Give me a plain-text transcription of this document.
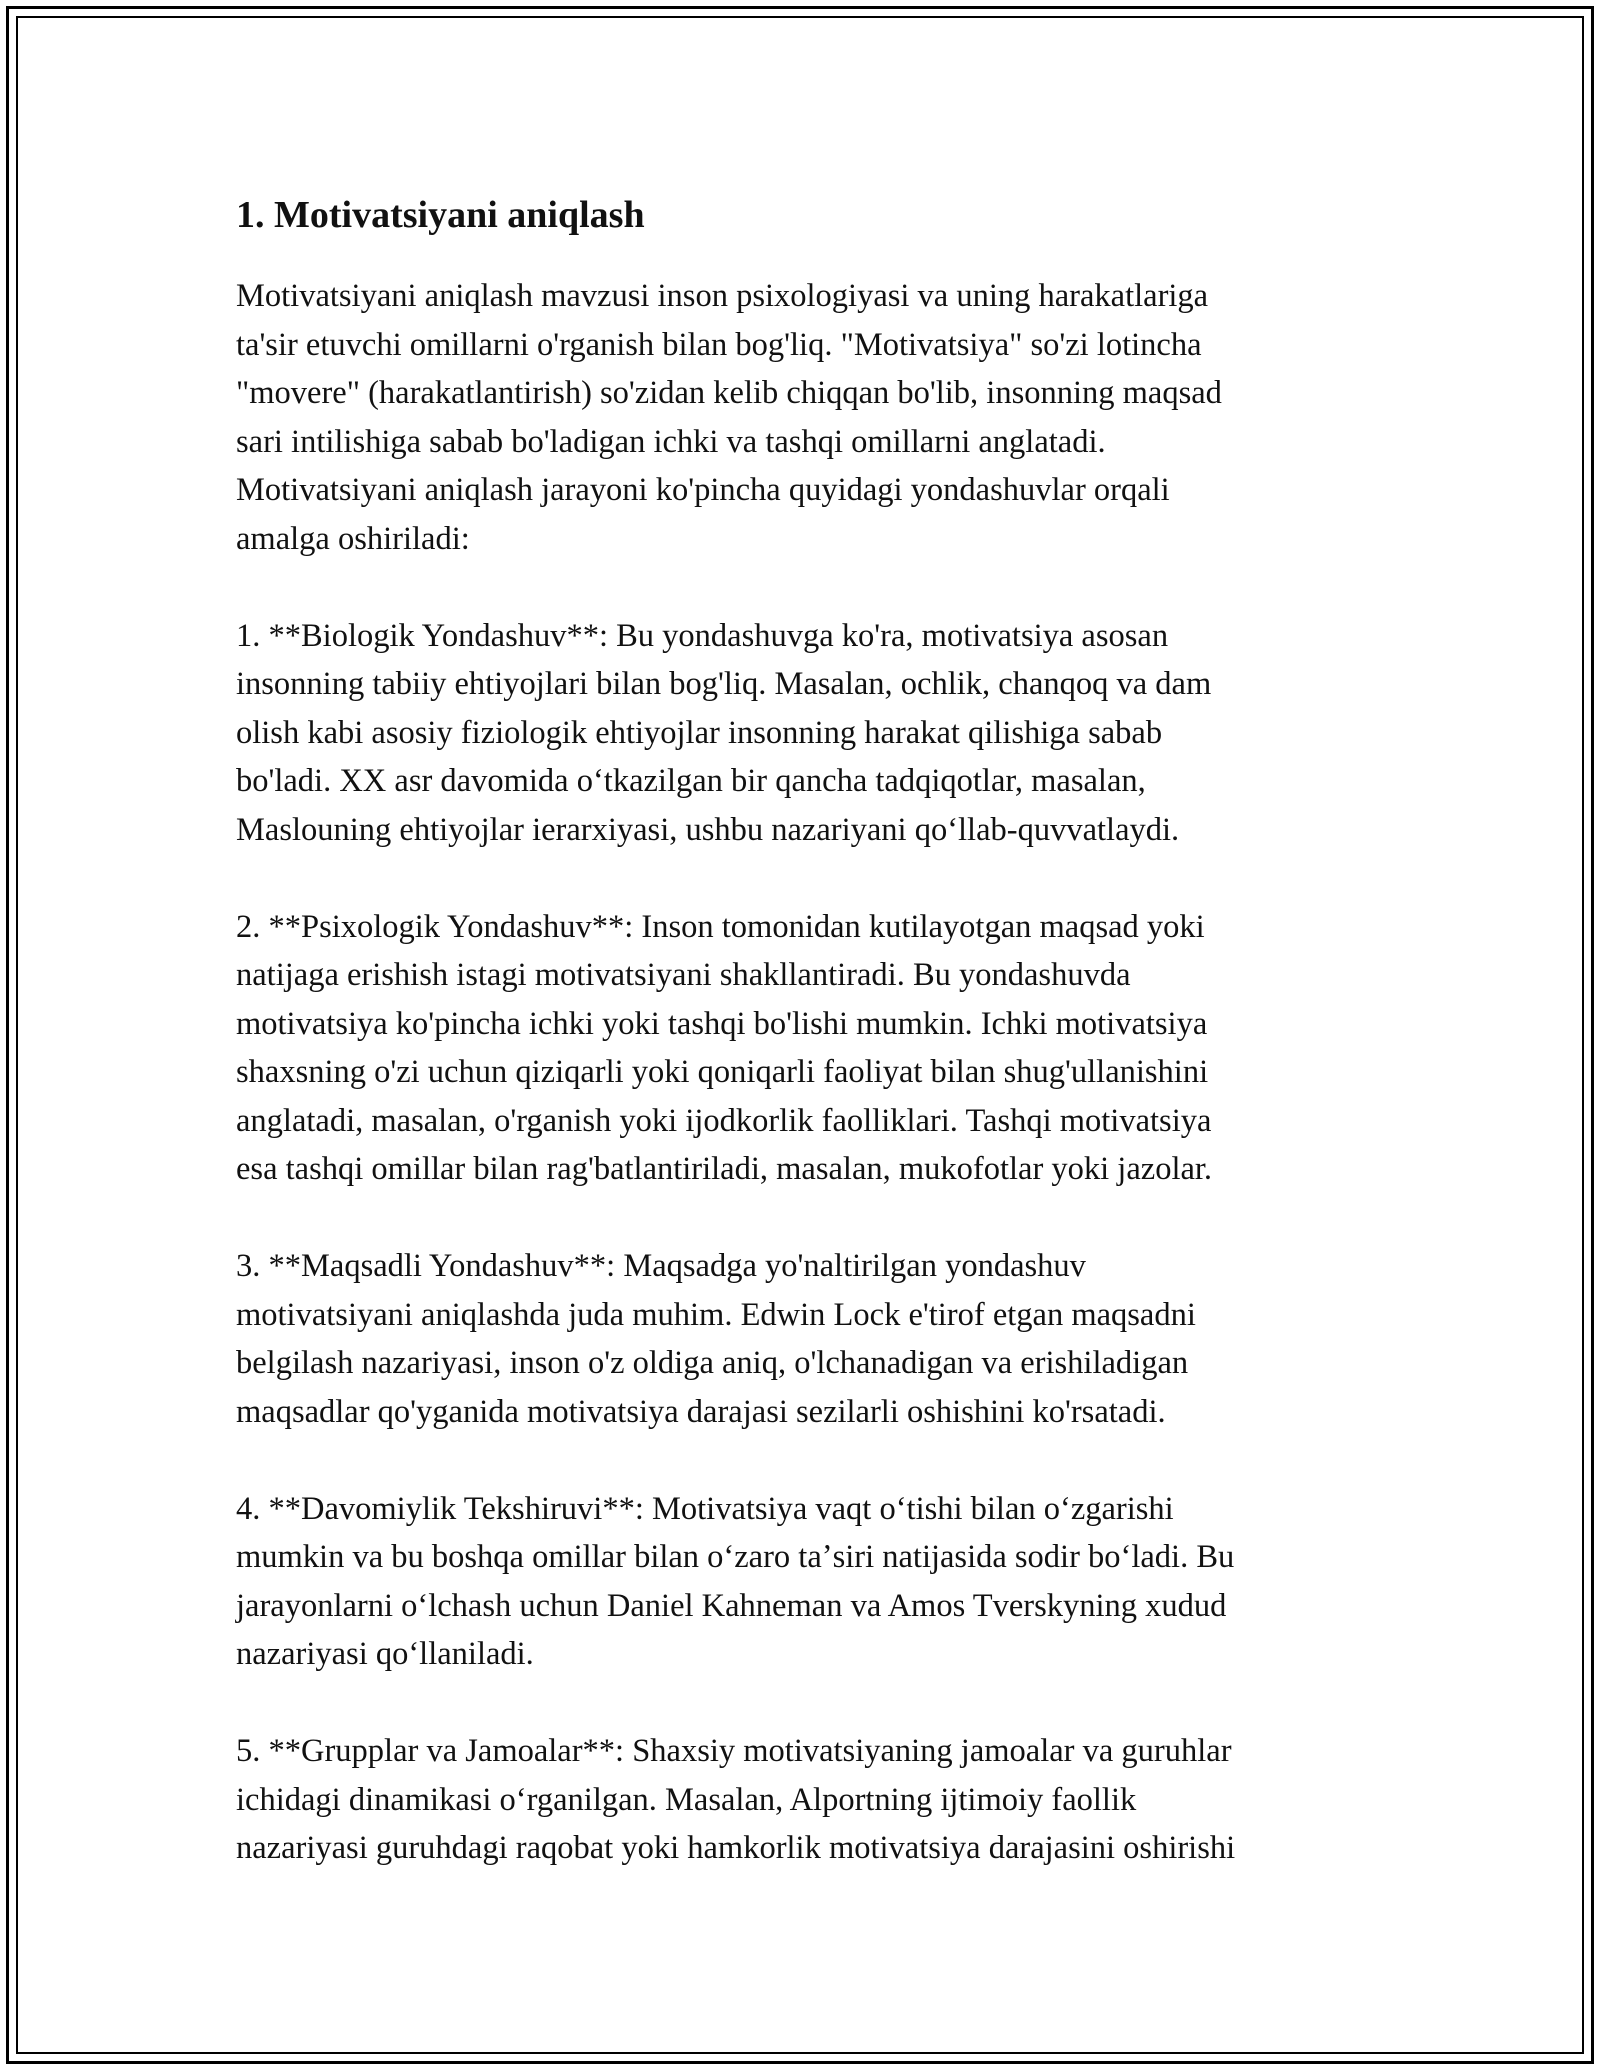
1. Motivatsiyani aniqlash

Motivatsiyani aniqlash mavzusi inson psixologiyasi va uning harakatlariga
ta'sir etuvchi omillarni o'rganish bilan bog'liq. "Motivatsiya" so'zi lotincha
"movere" (harakatlantirish) so'zidan kelib chiqqan bo'lib, insonning maqsad
sari intilishiga sabab bo'ladigan ichki va tashqi omillarni anglatadi.
Motivatsiyani aniqlash jarayoni ko'pincha quyidagi yondashuvlar orqali
amalga oshiriladi:

1. **Biologik Yondashuv**: Bu yondashuvga ko'ra, motivatsiya asosan
insonning tabiiy ehtiyojlari bilan bog'liq. Masalan, ochlik, chanqoq va dam
olish kabi asosiy fiziologik ehtiyojlar insonning harakat qilishiga sabab
bo'ladi. XX asr davomida oʻtkazilgan bir qancha tadqiqotlar, masalan,
Maslouning ehtiyojlar ierarxiyasi, ushbu nazariyani qoʻllab-quvvatlaydi.

2. **Psixologik Yondashuv**: Inson tomonidan kutilayotgan maqsad yoki
natijaga erishish istagi motivatsiyani shakllantiradi. Bu yondashuvda
motivatsiya ko'pincha ichki yoki tashqi bo'lishi mumkin. Ichki motivatsiya
shaxsning o'zi uchun qiziqarli yoki qoniqarli faoliyat bilan shug'ullanishini
anglatadi, masalan, o'rganish yoki ijodkorlik faolliklari. Tashqi motivatsiya
esa tashqi omillar bilan rag'batlantiriladi, masalan, mukofotlar yoki jazolar.

3. **Maqsadli Yondashuv**: Maqsadga yo'naltirilgan yondashuv
motivatsiyani aniqlashda juda muhim. Edwin Lock e'tirof etgan maqsadni
belgilash nazariyasi, inson o'z oldiga aniq, o'lchanadigan va erishiladigan
maqsadlar qo'yganida motivatsiya darajasi sezilarli oshishini ko'rsatadi.

4. **Davomiylik Tekshiruvi**: Motivatsiya vaqt oʻtishi bilan oʻzgarishi
mumkin va bu boshqa omillar bilan oʻzaro taʼsiri natijasida sodir boʻladi. Bu
jarayonlarni oʻlchash uchun Daniel Kahneman va Amos Tverskyning xudud
nazariyasi qoʻllaniladi.

5. **Grupplar va Jamoalar**: Shaxsiy motivatsiyaning jamoalar va guruhlar
ichidagi dinamikasi oʻrganilgan. Masalan, Alportning ijtimoiy faollik
nazariyasi guruhdagi raqobat yoki hamkorlik motivatsiya darajasini oshirishi
